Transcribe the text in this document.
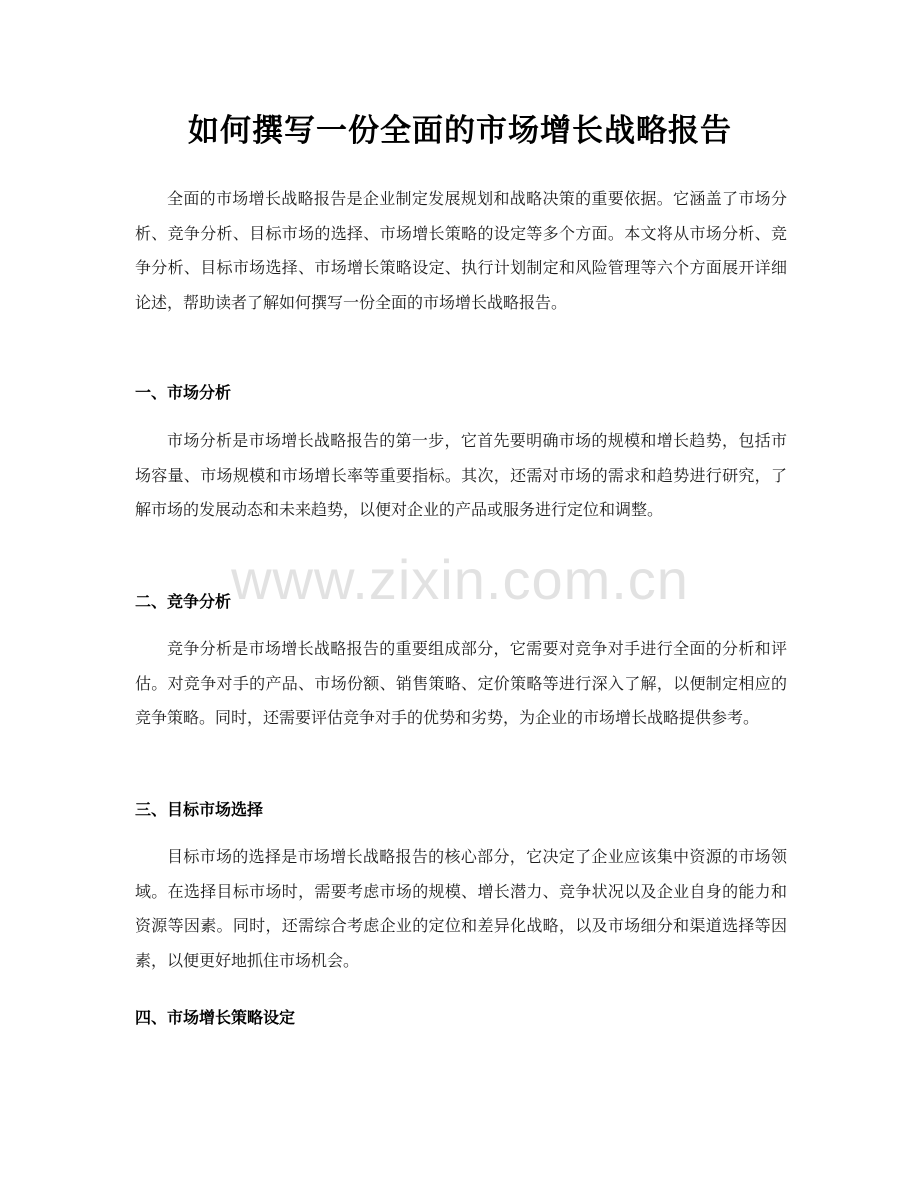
如何撰写一份全面的市场增长战略报告

全面的市场增长战略报告是企业制定发展规划和战略决策的重要依据。它涵盖了市场分析、竞争分析、目标市场的选择、市场增长策略的设定等多个方面。本文将从市场分析、竞争分析、目标市场选择、市场增长策略设定、执行计划制定和风险管理等六个方面展开详细论述，帮助读者了解如何撰写一份全面的市场增长战略报告。

一、市场分析

市场分析是市场增长战略报告的第一步，它首先要明确市场的规模和增长趋势，包括市场容量、市场规模和市场增长率等重要指标。其次，还需对市场的需求和趋势进行研究，了解市场的发展动态和未来趋势，以便对企业的产品或服务进行定位和调整。

二、竞争分析

竞争分析是市场增长战略报告的重要组成部分，它需要对竞争对手进行全面的分析和评估。对竞争对手的产品、市场份额、销售策略、定价策略等进行深入了解，以便制定相应的竞争策略。同时，还需要评估竞争对手的优势和劣势，为企业的市场增长战略提供参考。

三、目标市场选择

目标市场的选择是市场增长战略报告的核心部分，它决定了企业应该集中资源的市场领域。在选择目标市场时，需要考虑市场的规模、增长潜力、竞争状况以及企业自身的能力和资源等因素。同时，还需综合考虑企业的定位和差异化战略，以及市场细分和渠道选择等因素，以便更好地抓住市场机会。

四、市场增长策略设定
www.zixin.com.cn
